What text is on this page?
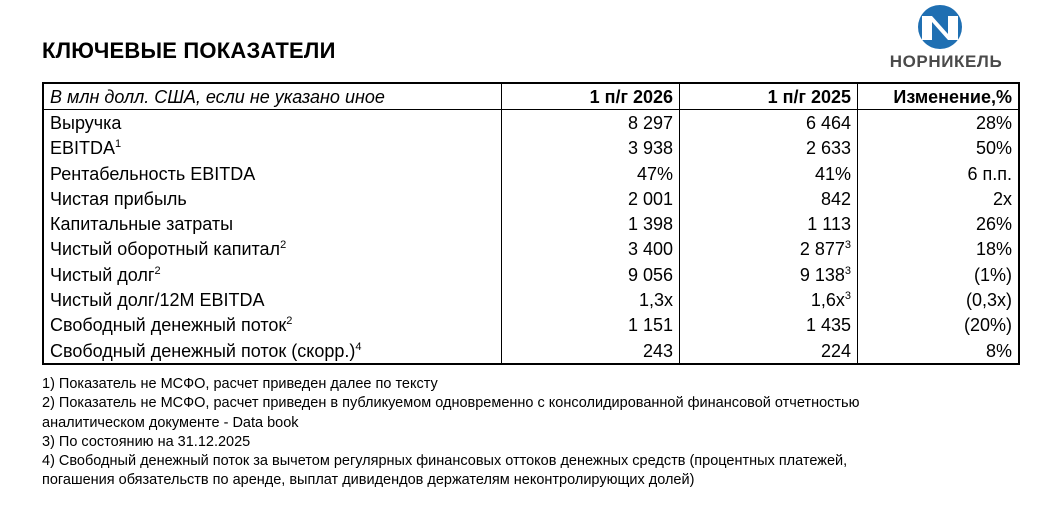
КЛЮЧЕВЫЕ ПОКАЗАТЕЛИ	НОРНИКЕЛЬ
В млн долл. США, если не указано иное	1 п/г 2026	1 п/г 2025	Изменение,%
Выручка	8 297	6 464	28%
EBITDA$^1$	3 938	2 633	50%
Рентабельность EBITDA	47%	41%	6 п.п.
Чистая прибыль	2 001	842	2x
Капитальные затраты	1 398	1 113	26%
Чистый оборотный капитал$^2$	3 400	2 $877^3$	18%
Чистый долг$^2$	9 056	9 $138^3$	(1%)
Чистый долг/12M EBITDA	1,3x	$1,6x^3$	(0,3x)
Свободный денежный поток$^2$	1 151	1 435	(20%)
Свободный денежный поток (скорр.)$^4$	243	224	8%
1) Показатель не МСФО, расчет приведен далее по тексту
2) Показатель не МСФО, расчет приведен в публикуемом одновременно с консолидированной финансовой отчетностью
аналитическом документе - Data book
3) По состоянию на 31.12.2025
4) Свободный денежный поток за вычетом регулярных финансовых оттоков денежных средств (процентных платежей,
погашения обязательств по аренде, выплат дивидендов держателям неконтролирующих долей)
